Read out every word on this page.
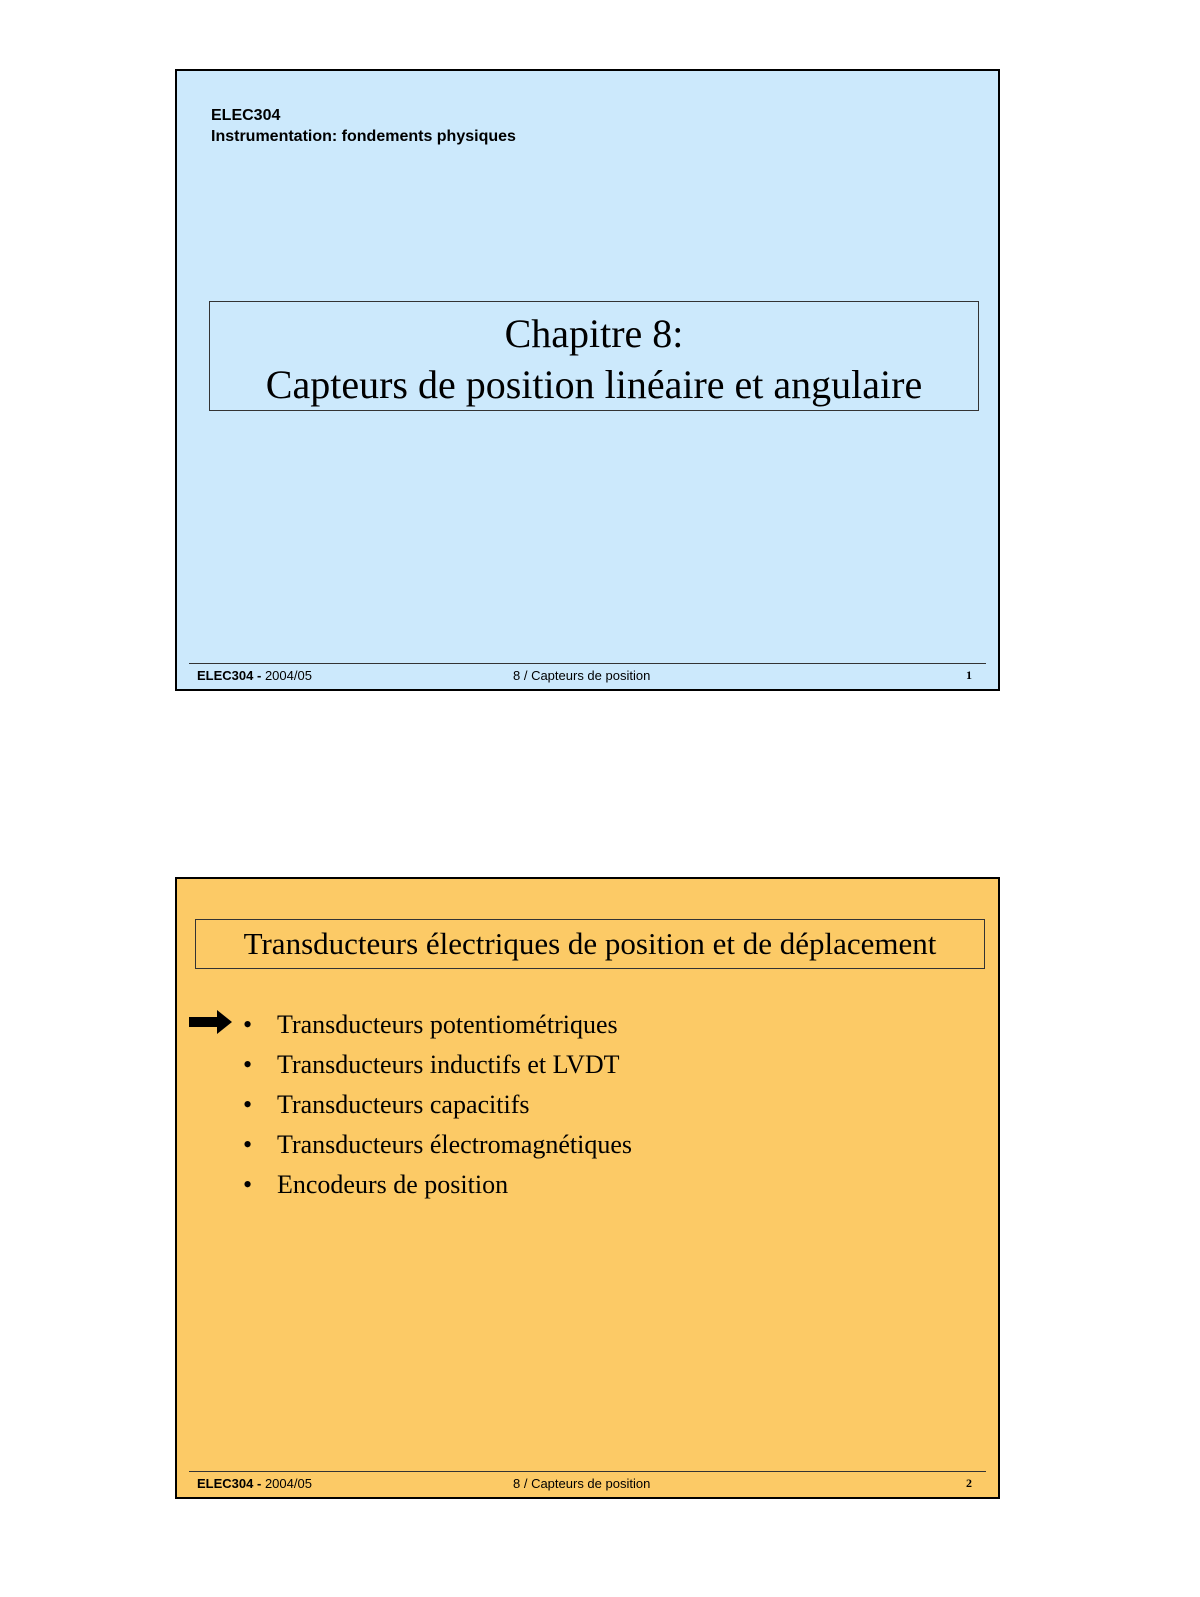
ELEC304
Instrumentation: fondements physiques
Chapitre 8:
Capteurs de position linéaire et angulaire
ELEC304 - 2004/05	8 / Capteurs de position	1
Transducteurs électriques de position et de déplacement
• Transducteurs potentiométriques
• Transducteurs inductifs et LVDT
• Transducteurs capacitifs
• Transducteurs électromagnétiques
• Encodeurs de position
ELEC304 - 2004/05	8 / Capteurs de position	2
